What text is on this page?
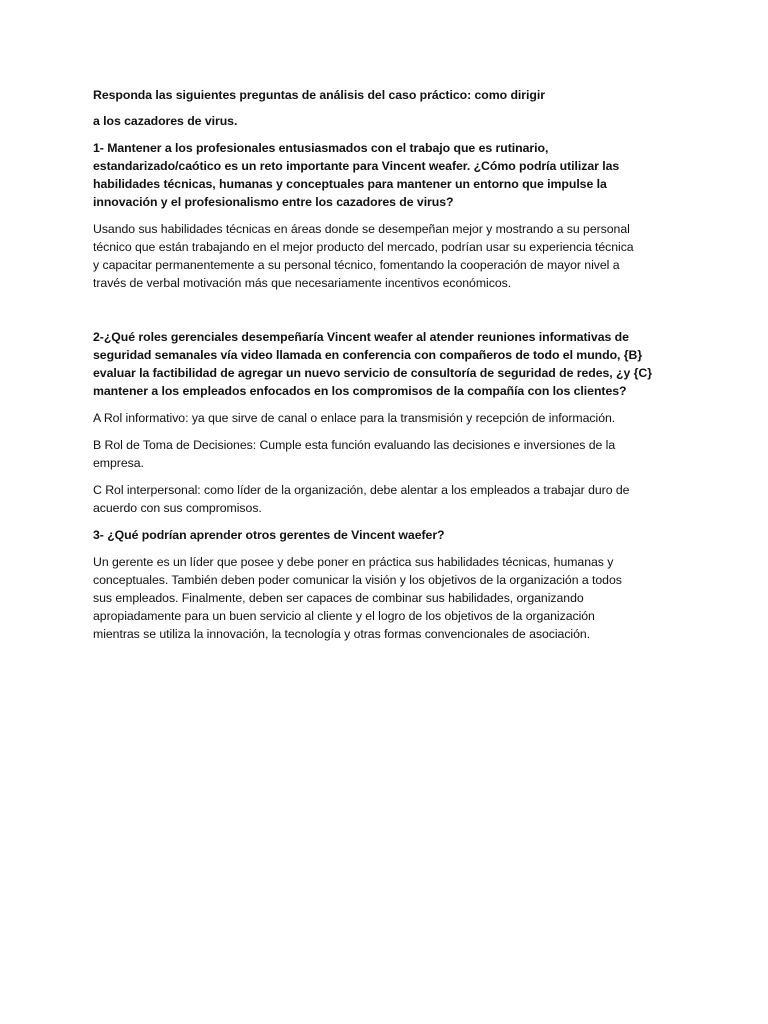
Responda las siguientes preguntas de análisis del caso práctico: como dirigir

a los cazadores de virus.

1- Mantener a los profesionales entusiasmados con el trabajo que es rutinario,
estandarizado/caótico es un reto importante para Vincent weafer. ¿Cómo podría utilizar las
habilidades técnicas, humanas y conceptuales para mantener un entorno que impulse la
innovación y el profesionalismo entre los cazadores de virus?

Usando sus habilidades técnicas en áreas donde se desempeñan mejor y mostrando a su personal
técnico que están trabajando en el mejor producto del mercado, podrían usar su experiencia técnica
y capacitar permanentemente a su personal técnico, fomentando la cooperación de mayor nivel a
través de verbal motivación más que necesariamente incentivos económicos.

2-¿Qué roles gerenciales desempeñaría Vincent weafer al atender reuniones informativas de
seguridad semanales vía video llamada en conferencia con compañeros de todo el mundo, {B}
evaluar la factibilidad de agregar un nuevo servicio de consultoría de seguridad de redes, ¿y {C}
mantener a los empleados enfocados en los compromisos de la compañía con los clientes?

A Rol informativo: ya que sirve de canal o enlace para la transmisión y recepción de información.

B Rol de Toma de Decisiones: Cumple esta función evaluando las decisiones e inversiones de la
empresa.

C Rol interpersonal: como líder de la organización, debe alentar a los empleados a trabajar duro de
acuerdo con sus compromisos.

3- ¿Qué podrían aprender otros gerentes de Vincent waefer?

Un gerente es un líder que posee y debe poner en práctica sus habilidades técnicas, humanas y
conceptuales. También deben poder comunicar la visión y los objetivos de la organización a todos
sus empleados. Finalmente, deben ser capaces de combinar sus habilidades, organizando
apropiadamente para un buen servicio al cliente y el logro de los objetivos de la organización
mientras se utiliza la innovación, la tecnología y otras formas convencionales de asociación.
